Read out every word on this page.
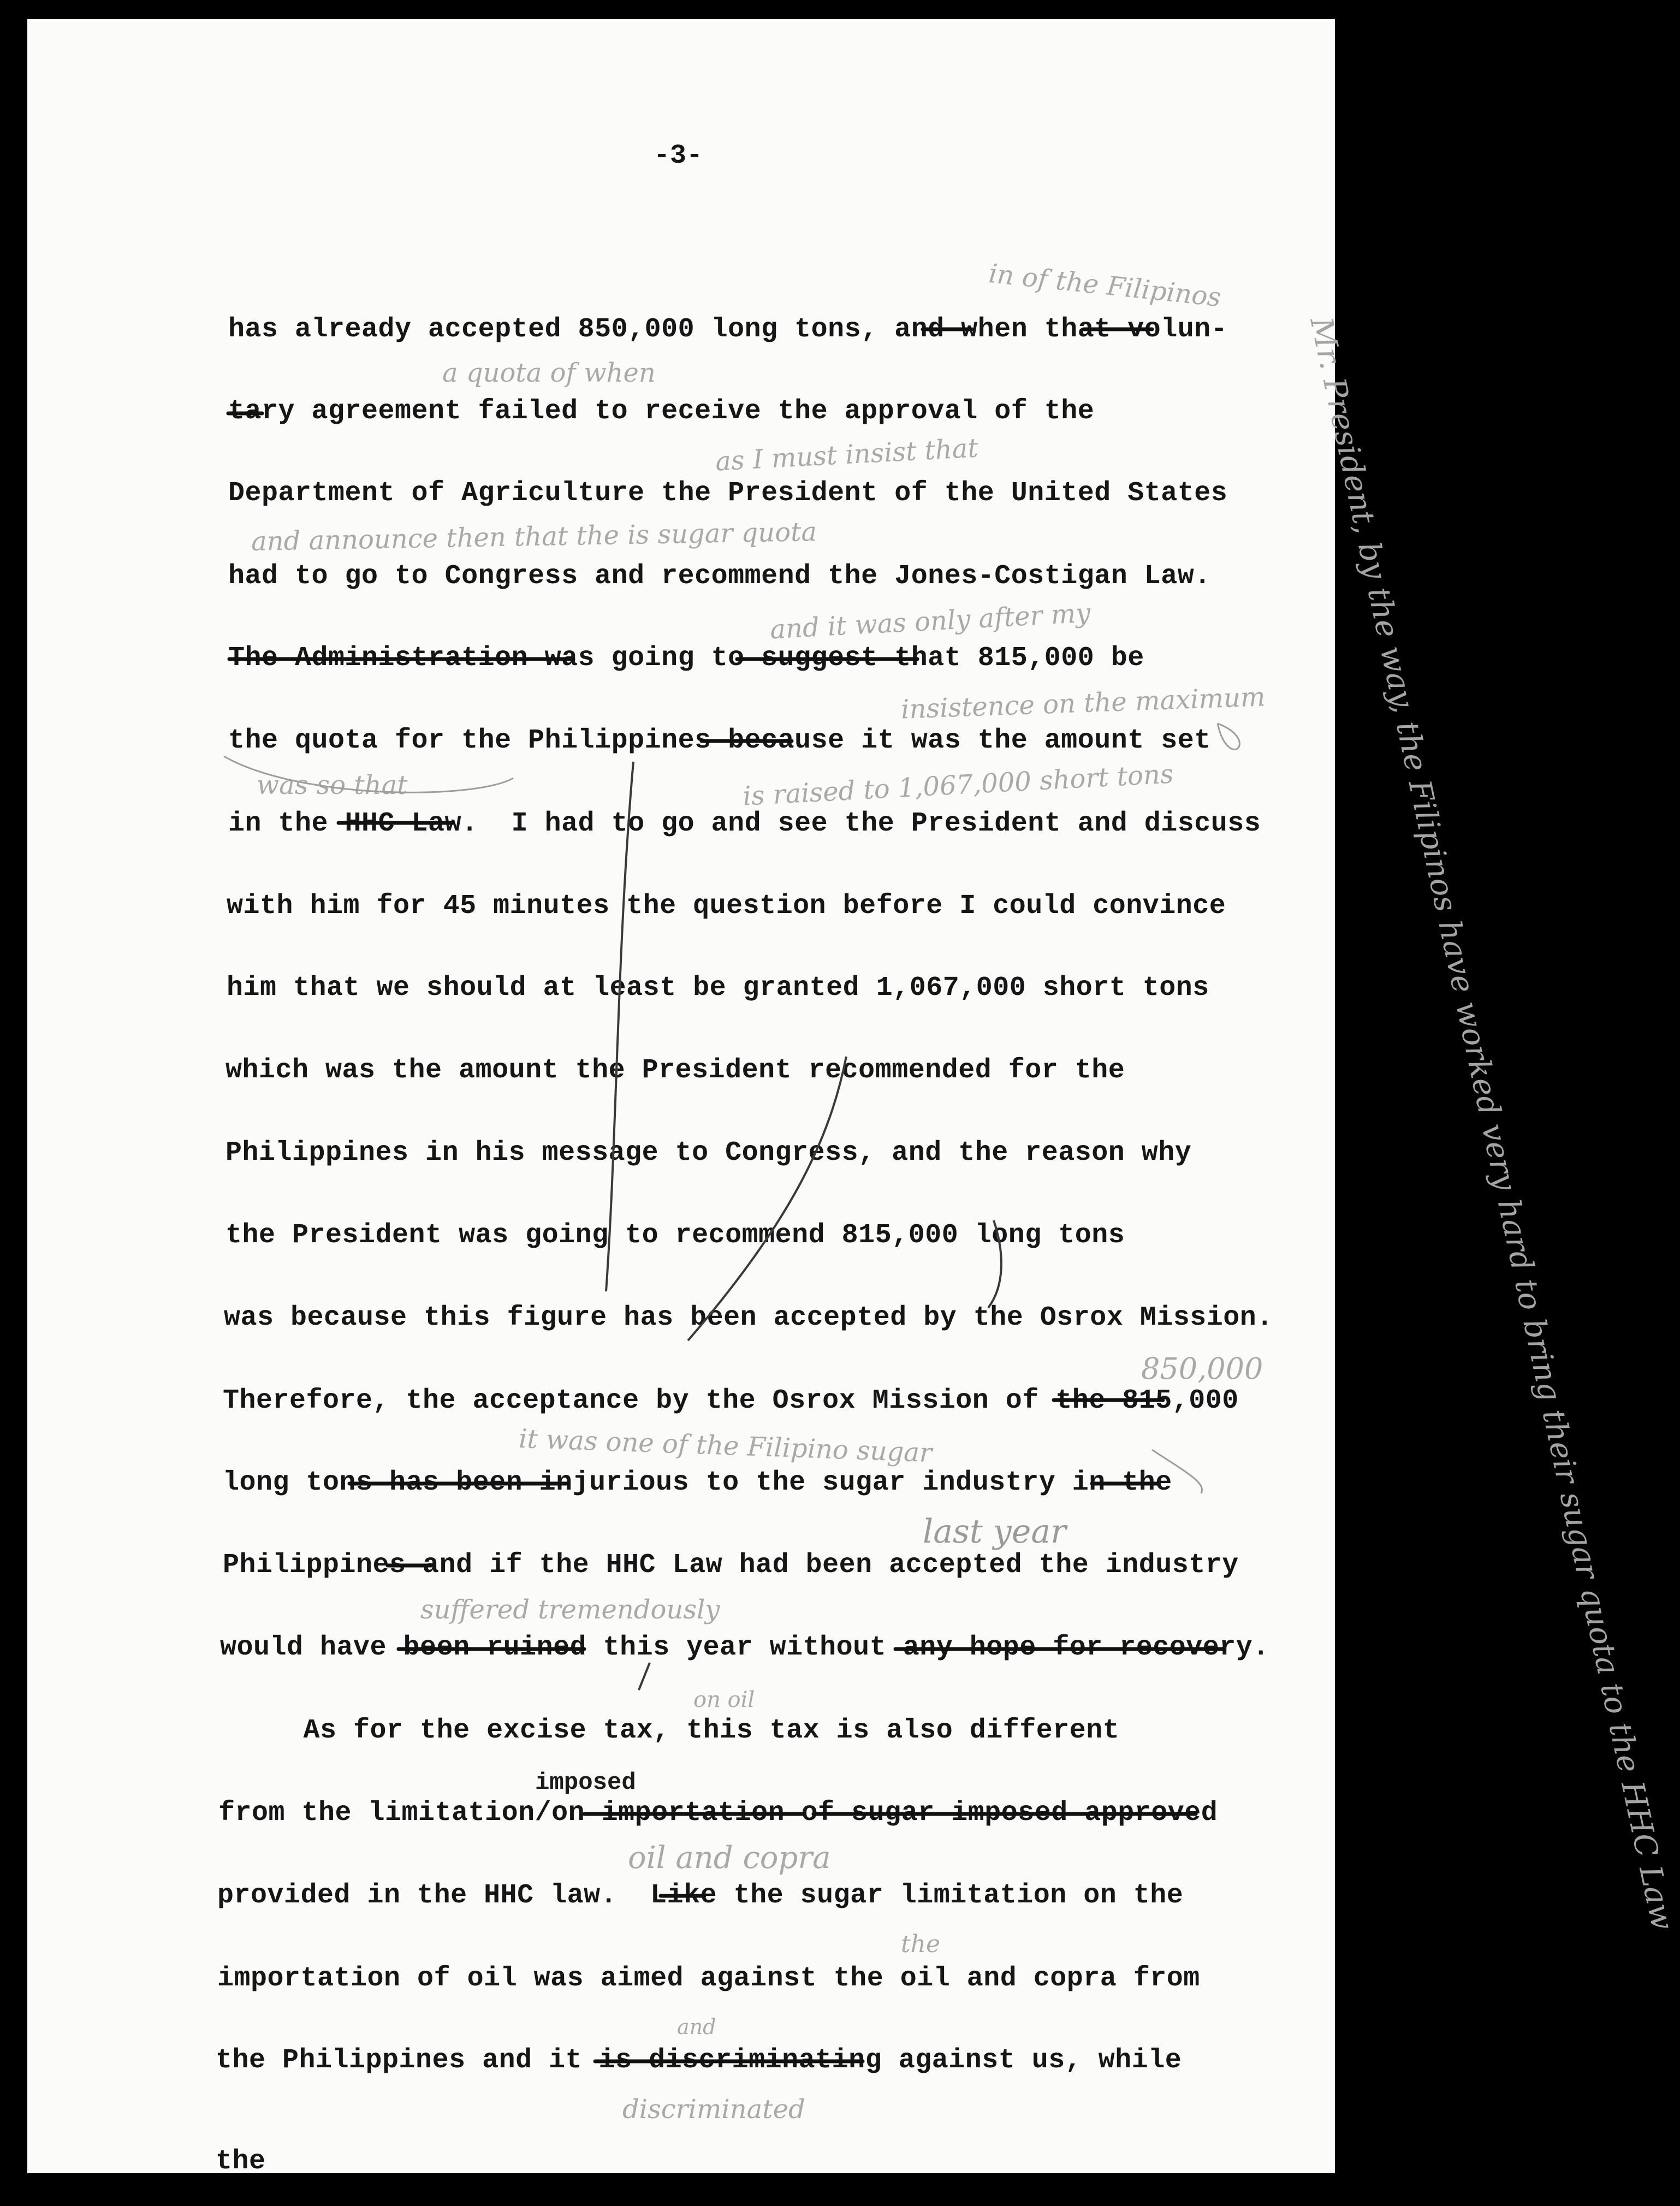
-3-
has already accepted 850,000 long tons, and when that volun-
tary agreement failed to receive the approval of the
Department of Agriculture the President of the United States
had to go to Congress and recommend the Jones-Costigan Law.
The Administration was going to suggest that 815,000 be
the quota for the Philippines because it was the amount set
in the HHC Law.  I had to go and see the President and discuss
with him for 45 minutes the question before I could convince
him that we should at least be granted 1,067,000 short tons
which was the amount the President recommended for the
Philippines in his message to Congress, and the reason why
the President was going to recommend 815,000 long tons
was because this figure has been accepted by the Osrox Mission.
Therefore, the acceptance by the Osrox Mission of the 815,000
long tons has been injurious to the sugar industry in the
Philippines and if the HHC Law had been accepted the industry
would have been ruined this year without any hope for recovery.
As for the excise tax, this tax is also different
from the limitation/on importation of sugar imposed approved
provided in the HHC law.  Like the sugar limitation on the
importation of oil was aimed against the oil and copra from
the Philippines and it is discriminating against us, while
the
imposed
in of the Filipinos
a quota of when
as I must insist that
and announce then that the is sugar quota
and it was only after my
insistence on the maximum
was so that	is raised to 1,067,000 short tons
850,000
it was one of the Filipino sugar
last year
suffered tremendously
on oil
oil and copra
the
and
discriminated
Mr. President, by the way, the Filipinos have worked very hard to bring their sugar quota to the HHC Law
